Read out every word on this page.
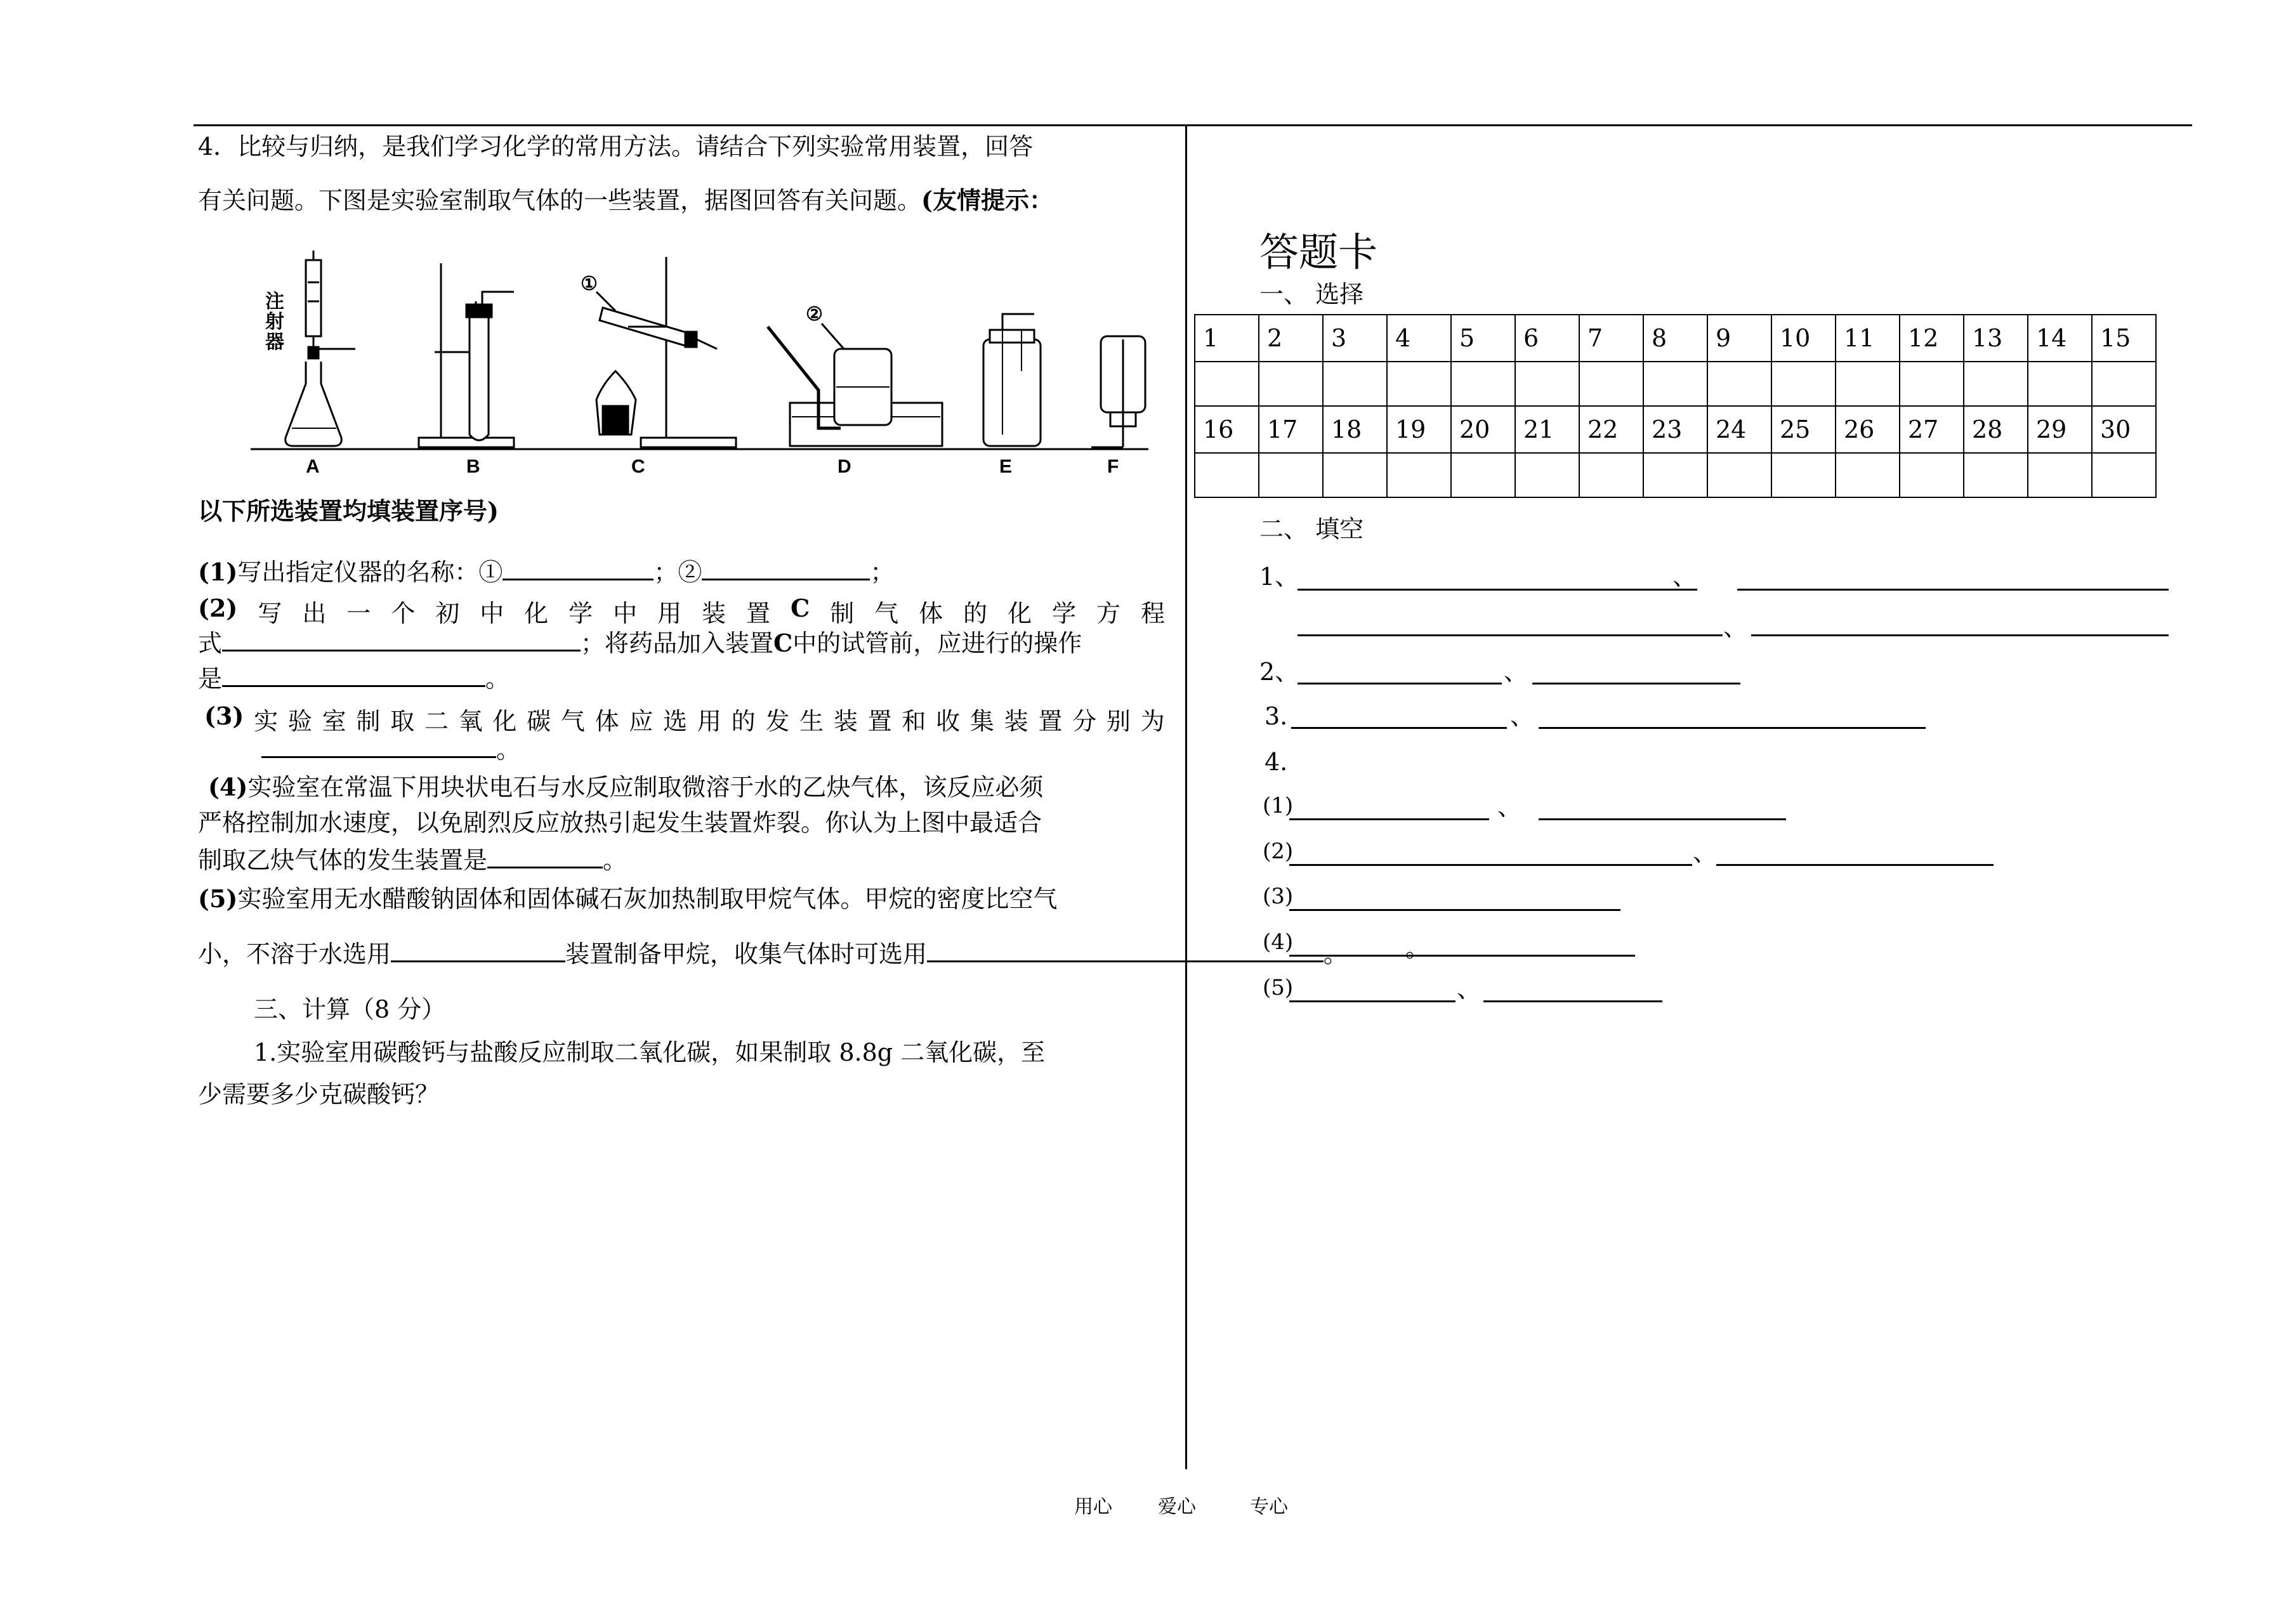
4．比较与归纳，是我们学习化学的常用方法。请结合下列实验常用装置，回答
有关问题。下图是实验室制取气体的一些装置，据图回答有关问题。(友情提示：
注
射
器
①
②
A	B	C	D	E	F
以下所选装置均填装置序号)
(1)写出指定仪器的名称：①	；②	；
(2) 写 出 一 个 初 中 化 学 中 用 装 置 C 制 气 体 的 化 学 方 程
式	；将药品加入装置C中的试管前，应进行的操作
是	。
(3) 实 验 室 制 取 二 氧 化 碳 气 体 应 选 用 的 发 生 装 置 和 收 集 装 置 分 别 为
。
(4)实验室在常温下用块状电石与水反应制取微溶于水的乙炔气体，该反应必须
严格控制加水速度，以免剧烈反应放热引起发生装置炸裂。你认为上图中最适合
制取乙炔气体的发生装置是	。
(5)实验室用无水醋酸钠固体和固体碱石灰加热制取甲烷气体。甲烷的密度比空气
小，不溶于水选用	装置制备甲烷，收集气体时可选用	。
三、计算（8 分）
1.实验室用碳酸钙与盐酸反应制取二氧化碳，如果制取 8.8g 二氧化碳，至
少需要多少克碳酸钙？
答题卡
一、 选择
1	2	3	4	5	6	7	8	9	10	11	12	13	14	15

16	17	18	19	20	21	22	23	24	25	26	27	28	29	30

二、 填空
1、	、
、
2、	、
3.	、
4.
(1)	、
(2)	、
(3)
(4)	。
(5)	、
用心 爱心	专心
